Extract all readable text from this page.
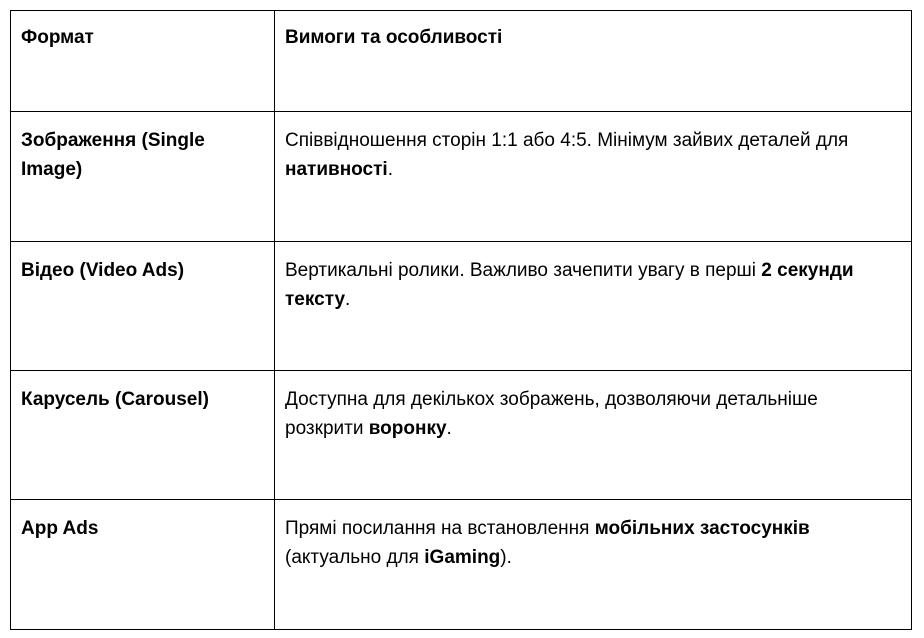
Формат	Вимоги та особливості
Зображення (Single Image)	Співвідношення сторін 1:1 або 4:5. Мінімум зайвих деталей для нативності.
Відео (Video Ads)	Вертикальні ролики. Важливо зачепити увагу в перші 2 секунди тексту.
Карусель (Carousel)	Доступна для декількох зображень, дозволяючи детальніше розкрити воронку.
App Ads	Прямі посилання на встановлення мобільних застосунків (актуально для iGaming).
